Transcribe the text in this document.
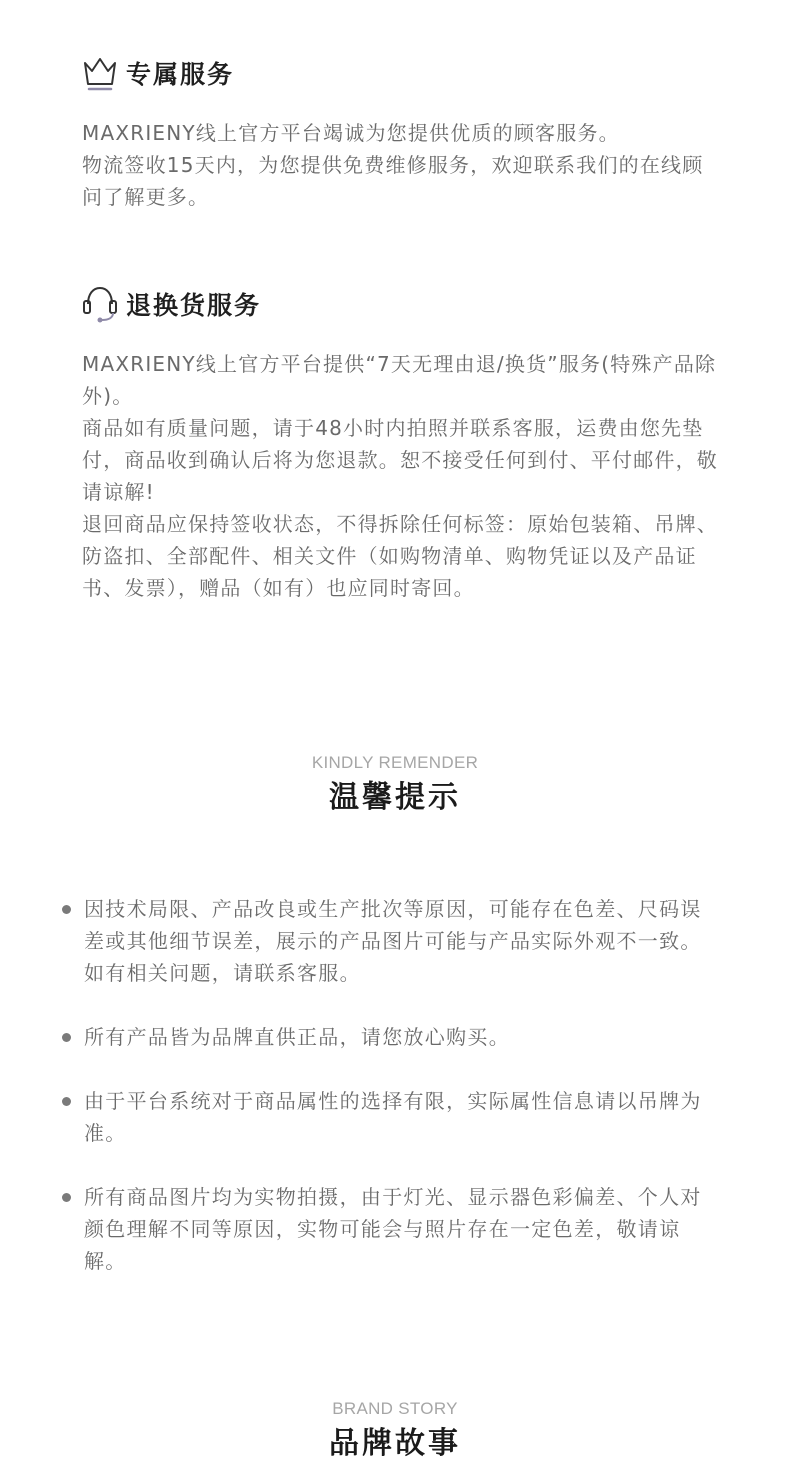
专属服务

MAXRIENY线上官方平台竭诚为您提供优质的顾客服务。

物流签收15天内，为您提供免费维修服务，欢迎联系我们的在线顾问了解更多。

退换货服务

MAXRIENY线上官方平台提供“7天无理由退/换货”服务(特殊产品除外)。

商品如有质量问题，请于48小时内拍照并联系客服，运费由您先垫付，商品收到确认后将为您退款。恕不接受任何到付、平付邮件，敬请谅解!

退回商品应保持签收状态，不得拆除任何标签：原始包装箱、吊牌、防盗扣、全部配件、相关文件（如购物清单、购物凭证以及产品证书、发票），赠品（如有）也应同时寄回。

KINDLY REMENDER
温馨提示

因技术局限、产品改良或生产批次等原因，可能存在色差、尺码误差或其他细节误差，展示的产品图片可能与产品实际外观不一致。如有相关问题，请联系客服。

所有产品皆为品牌直供正品，请您放心购买。

由于平台系统对于商品属性的选择有限，实际属性信息请以吊牌为准。

所有商品图片均为实物拍摄，由于灯光、显示器色彩偏差、个人对颜色理解不同等原因，实物可能会与照片存在一定色差，敬请谅解。

BRAND STORY
品牌故事
